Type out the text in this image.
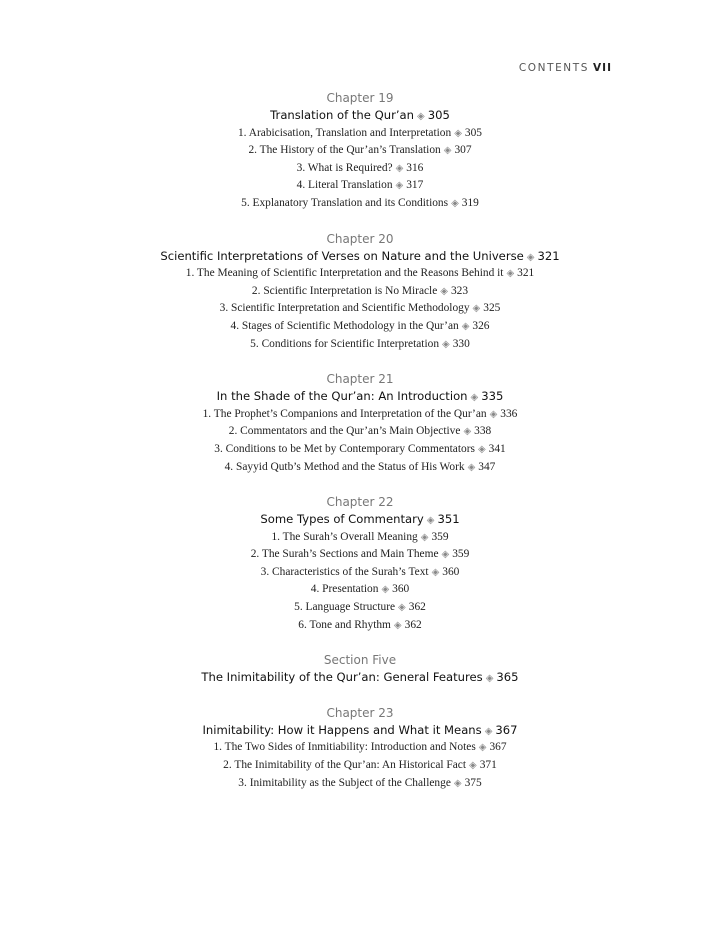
CONTENTS VII
Chapter 19
Translation of the Qur’an ◈ 305
1. Arabicisation, Translation and Interpretation ◈ 305
2. The History of the Qur’an’s Translation ◈ 307
3. What is Required? ◈ 316
4. Literal Translation ◈ 317
5. Explanatory Translation and its Conditions ◈ 319
Chapter 20
Scientific Interpretations of Verses on Nature and the Universe ◈ 321
1. The Meaning of Scientific Interpretation and the Reasons Behind it ◈ 321
2. Scientific Interpretation is No Miracle ◈ 323
3. Scientific Interpretation and Scientific Methodology ◈ 325
4. Stages of Scientific Methodology in the Qur’an ◈ 326
5. Conditions for Scientific Interpretation ◈ 330
Chapter 21
In the Shade of the Qur’an: An Introduction ◈ 335
1. The Prophet’s Companions and Interpretation of the Qur’an ◈ 336
2. Commentators and the Qur’an’s Main Objective ◈ 338
3. Conditions to be Met by Contemporary Commentators ◈ 341
4. Sayyid Qutb’s Method and the Status of His Work ◈ 347
Chapter 22
Some Types of Commentary ◈ 351
1. The Surah’s Overall Meaning ◈ 359
2. The Surah’s Sections and Main Theme ◈ 359
3. Characteristics of the Surah’s Text ◈ 360
4. Presentation ◈ 360
5. Language Structure ◈ 362
6. Tone and Rhythm ◈ 362
Section Five
The Inimitability of the Qur’an: General Features ◈ 365
Chapter 23
Inimitability: How it Happens and What it Means ◈ 367
1. The Two Sides of Inmitiability: Introduction and Notes ◈ 367
2. The Inimitability of the Qur’an: An Historical Fact ◈ 371
3. Inimitability as the Subject of the Challenge ◈ 375
